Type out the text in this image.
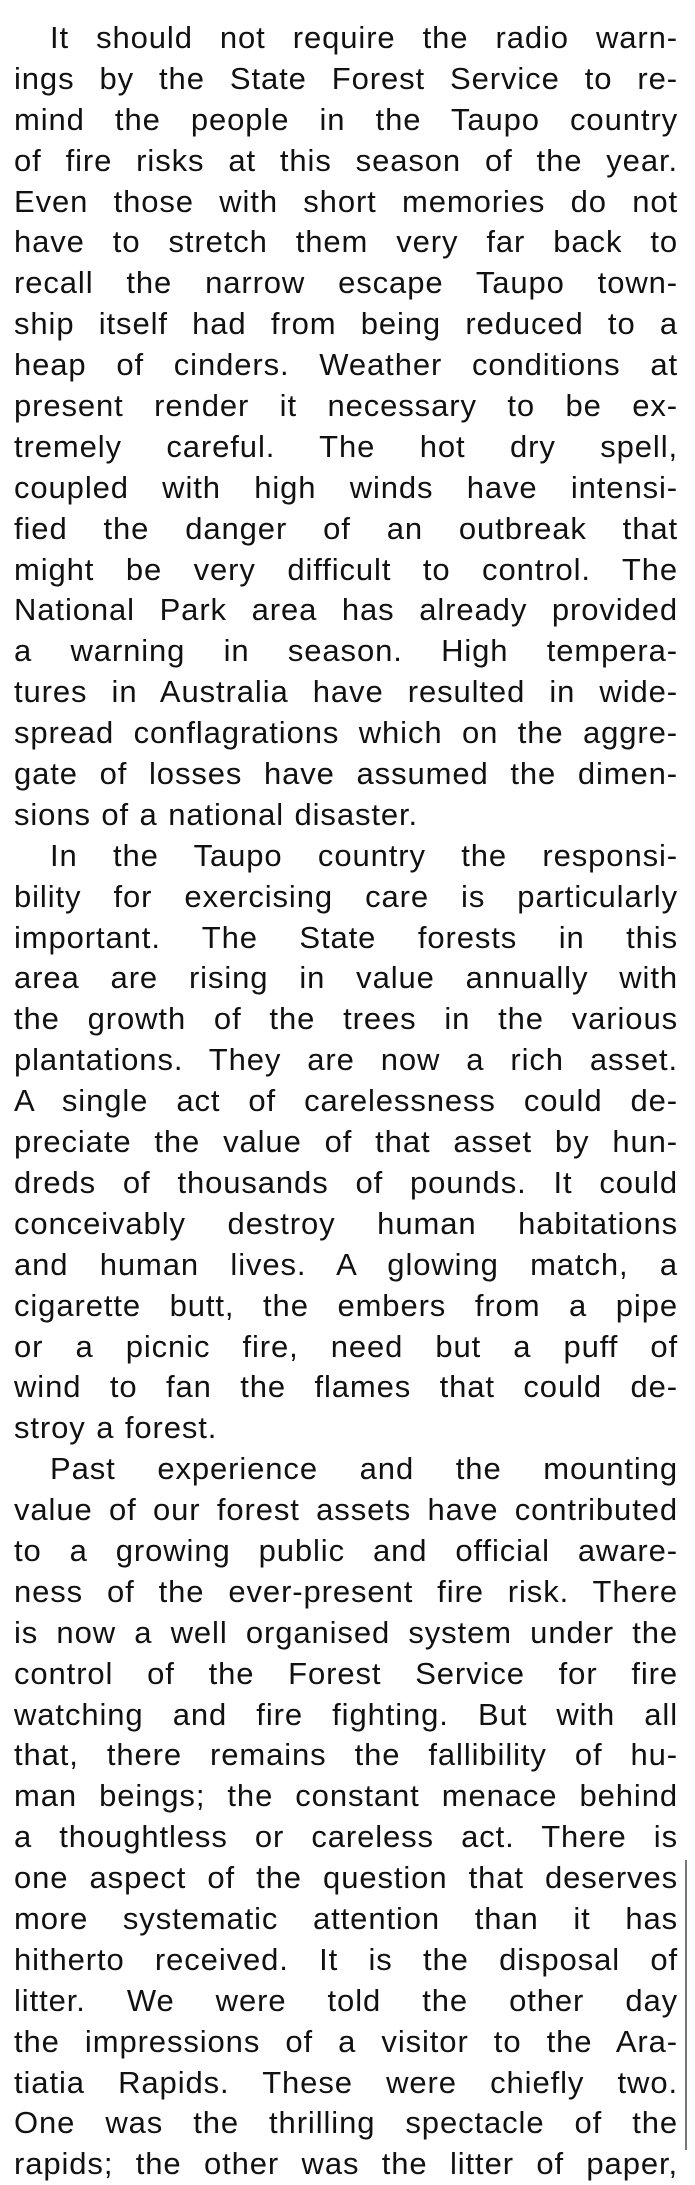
It should not require the radio warn-
ings by the State Forest Service to re-
mind the people in the Taupo country
of fire risks at this season of the year.
Even those with short memories do not
have to stretch them very far back to
recall the narrow escape Taupo town-
ship itself had from being reduced to a
heap of cinders. Weather conditions at
present render it necessary to be ex-
tremely careful. The hot dry spell,
coupled with high winds have intensi-
fied the danger of an outbreak that
might be very difficult to control. The
National Park area has already provided
a warning in season. High tempera-
tures in Australia have resulted in wide-
spread conflagrations which on the aggre-
gate of losses have assumed the dimen-
sions of a national disaster.
In the Taupo country the responsi-
bility for exercising care is particularly
important. The State forests in this
area are rising in value annually with
the growth of the trees in the various
plantations. They are now a rich asset.
A single act of carelessness could de-
preciate the value of that asset by hun-
dreds of thousands of pounds. It could
conceivably destroy human habitations
and human lives. A glowing match, a
cigarette butt, the embers from a pipe
or a picnic fire, need but a puff of
wind to fan the flames that could de-
stroy a forest.
Past experience and the mounting
value of our forest assets have contributed
to a growing public and official aware-
ness of the ever-present fire risk. There
is now a well organised system under the
control of the Forest Service for fire
watching and fire fighting. But with all
that, there remains the fallibility of hu-
man beings; the constant menace behind
a thoughtless or careless act. There is
one aspect of the question that deserves
more systematic attention than it has
hitherto received. It is the disposal of
litter. We were told the other day
the impressions of a visitor to the Ara-
tiatia Rapids. These were chiefly two.
One was the thrilling spectacle of the
rapids; the other was the litter of paper,
